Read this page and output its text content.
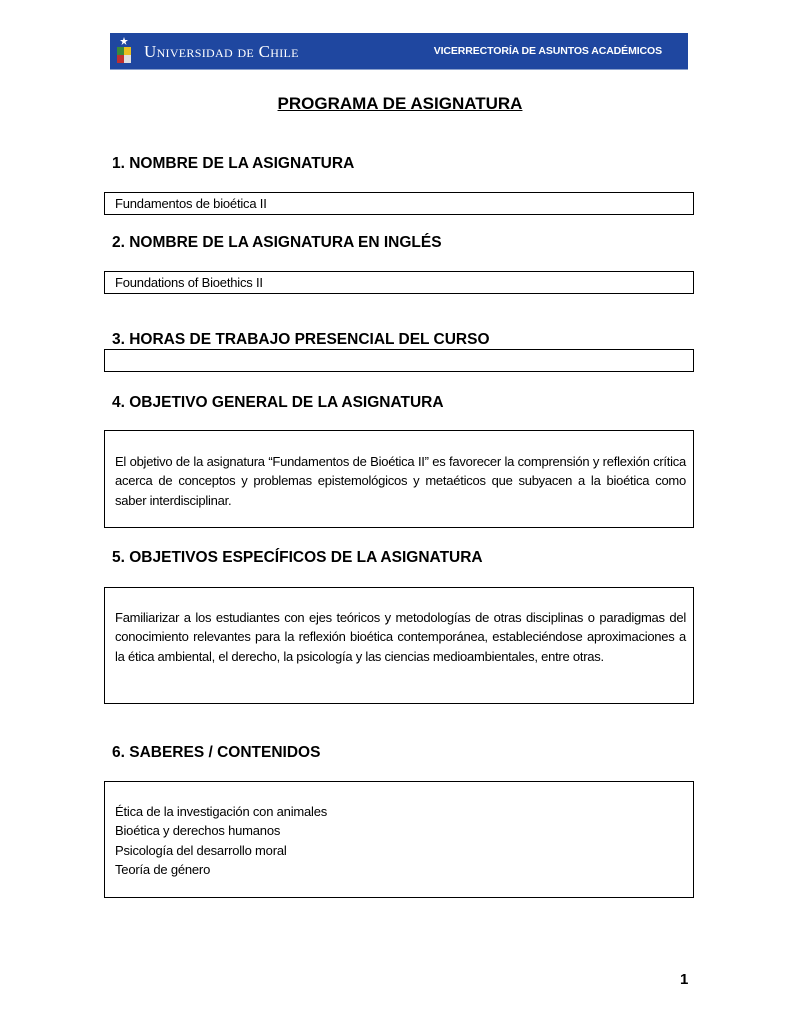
Universidad de Chile	VICERRECTORÍA DE ASUNTOS ACADÉMICOS
PROGRAMA DE ASIGNATURA
1. NOMBRE DE LA ASIGNATURA
Fundamentos de bioética II
2. NOMBRE DE LA ASIGNATURA EN INGLÉS
Foundations of Bioethics II
3. HORAS DE TRABAJO PRESENCIAL DEL CURSO
4. OBJETIVO GENERAL DE LA ASIGNATURA
El objetivo de la asignatura “Fundamentos de Bioética II” es favorecer la comprensión y reflexión crítica acerca de conceptos y problemas epistemológicos y metaéticos que subyacen a la bioética como saber interdisciplinar.
5. OBJETIVOS ESPECÍFICOS DE LA ASIGNATURA
Familiarizar a los estudiantes con ejes teóricos y metodologías de otras disciplinas o paradigmas del conocimiento relevantes para la reflexión bioética contemporánea, estableciéndose aproximaciones a la ética ambiental, el derecho, la psicología y las ciencias medioambientales, entre otras.
6. SABERES / CONTENIDOS
Ética de la investigación con animales
Bioética y derechos humanos
Psicología del desarrollo moral
Teoría de género
1
